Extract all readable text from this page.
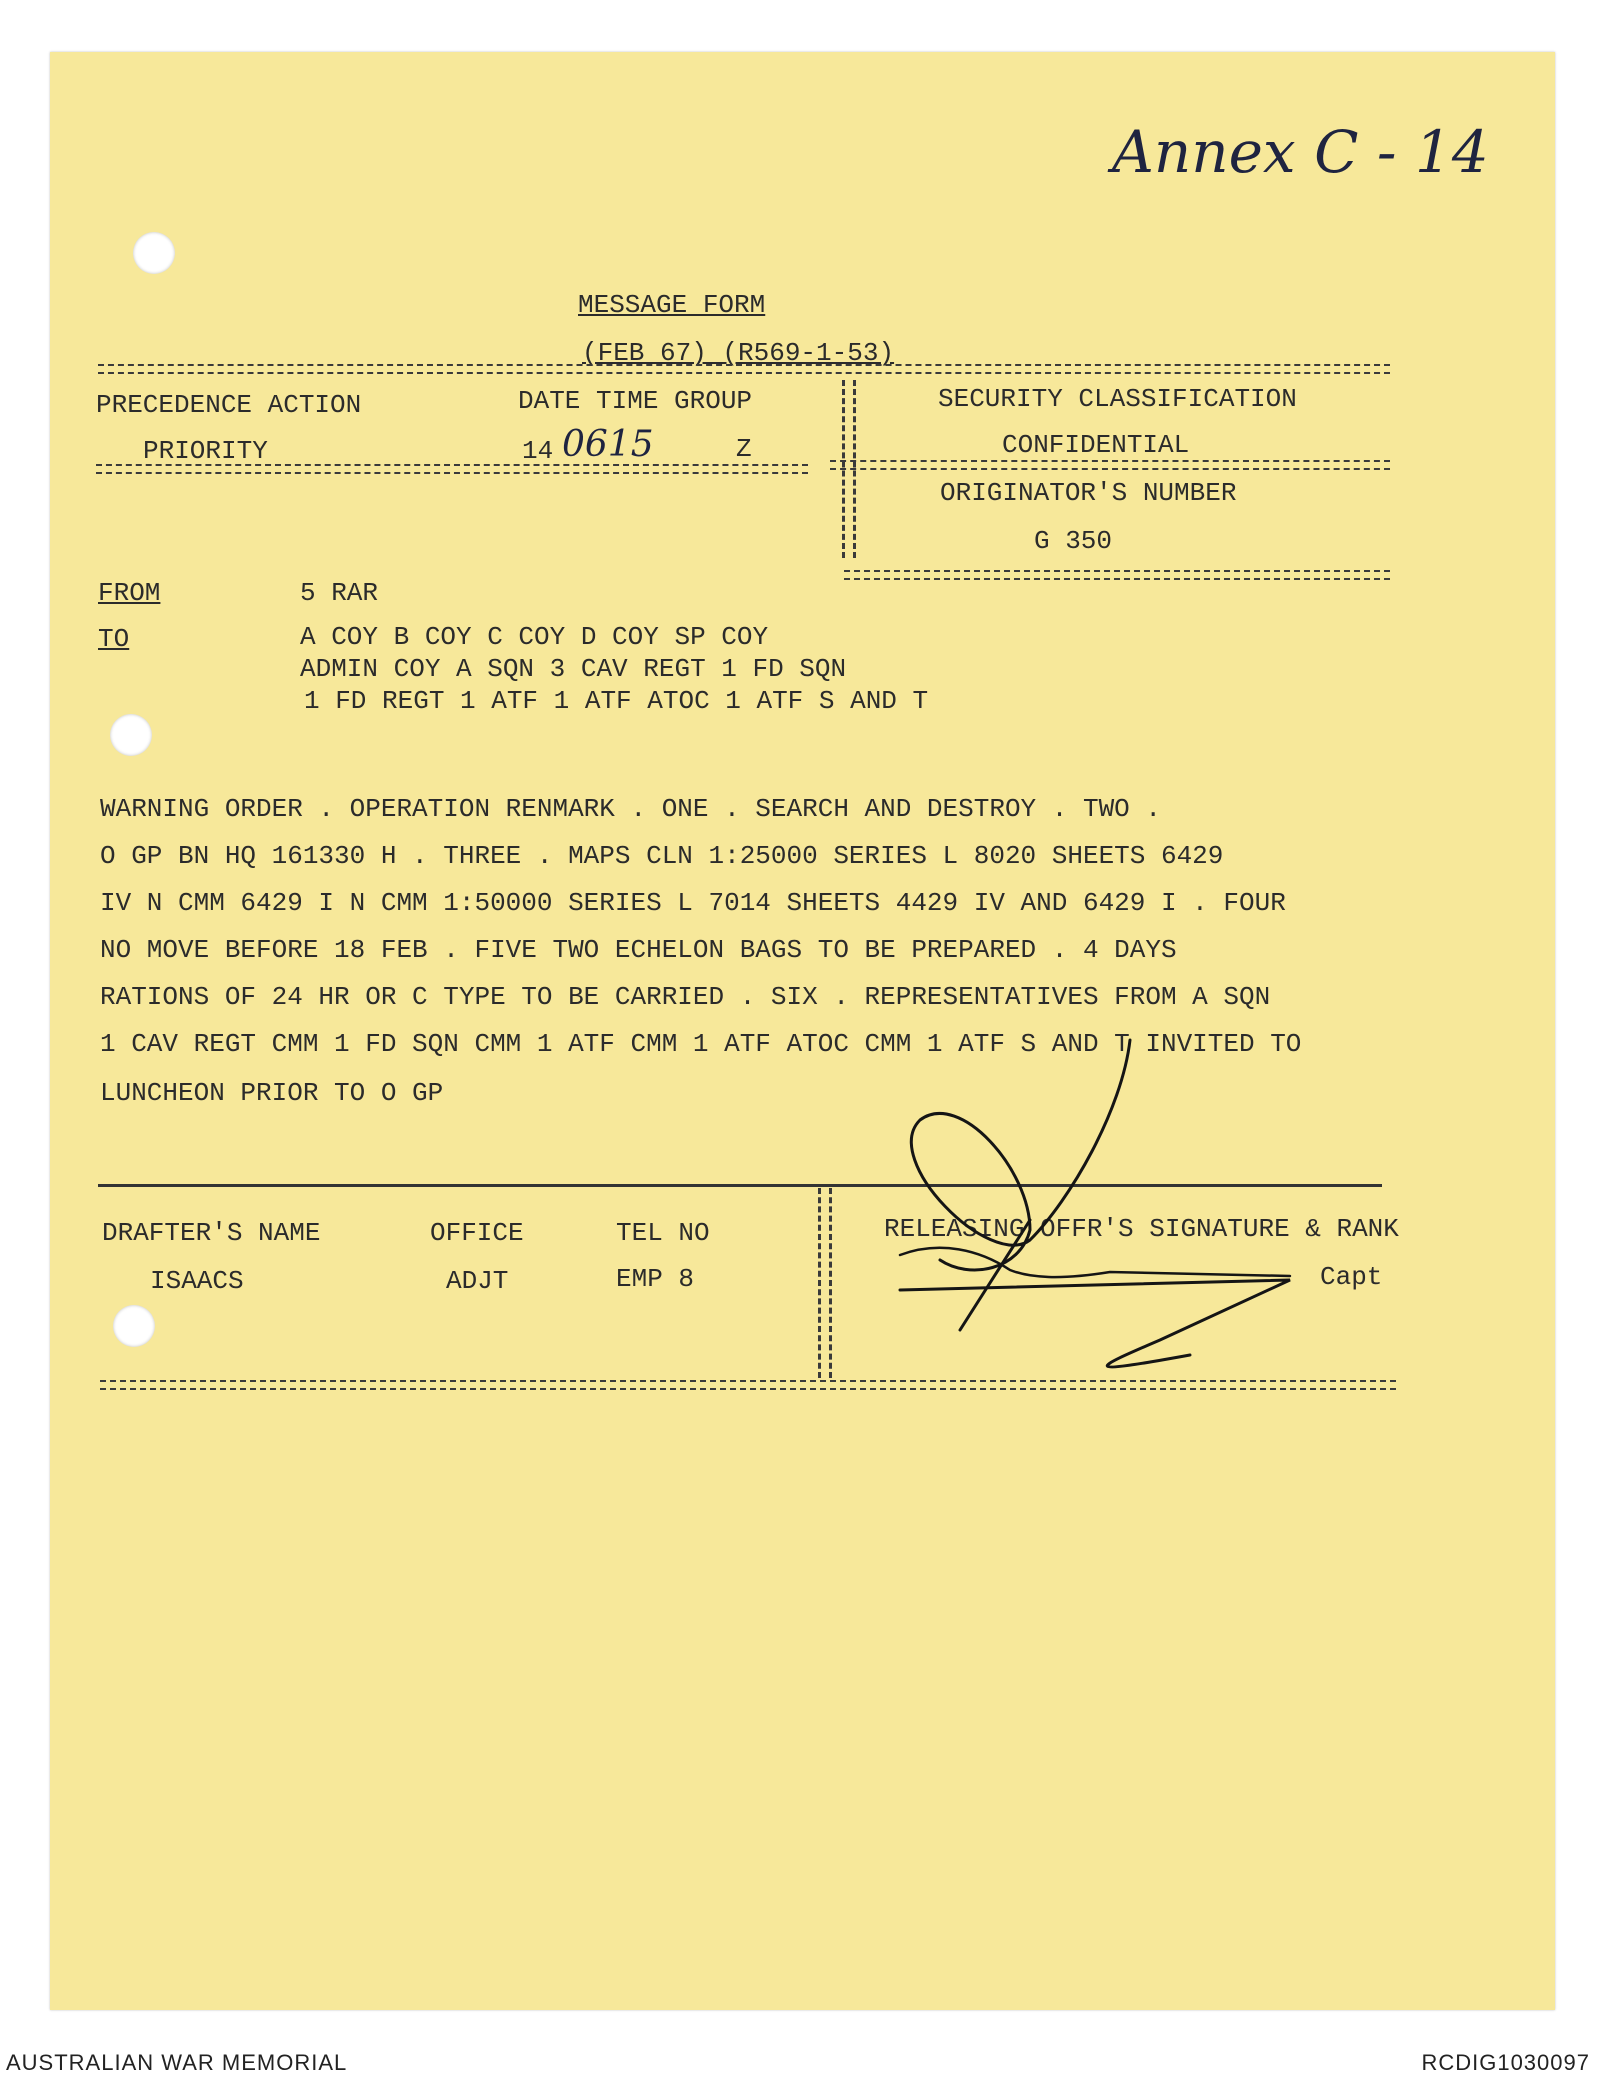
Annex C - 14
MESSAGE FORM
(FEB 67) (R569-1-53)
PRECEDENCE ACTION
PRIORITY
DATE TIME GROUP
14 0615	Z
SECURITY CLASSIFICATION
CONFIDENTIAL
ORIGINATOR'S NUMBER
G 350
FROM	5 RAR
TO	A COY B COY C COY D COY SP COY
ADMIN COY A SQN 3 CAV REGT 1 FD SQN
1 FD REGT 1 ATF 1 ATF ATOC 1 ATF S AND T
WARNING ORDER . OPERATION RENMARK . ONE . SEARCH AND DESTROY . TWO .
O GP BN HQ 161330 H . THREE . MAPS CLN 1:25000 SERIES L 8020 SHEETS 6429
IV N CMM 6429 I N CMM 1:50000 SERIES L 7014 SHEETS 4429 IV AND 6429 I . FOUR
NO MOVE BEFORE 18 FEB . FIVE TWO ECHELON BAGS TO BE PREPARED . 4 DAYS
RATIONS OF 24 HR OR C TYPE TO BE CARRIED . SIX . REPRESENTATIVES FROM A SQN
1 CAV REGT CMM 1 FD SQN CMM 1 ATF CMM 1 ATF ATOC CMM 1 ATF S AND T INVITED TO
LUNCHEON PRIOR TO O GP
DRAFTER'S NAME
ISAACS
OFFICE
ADJT
TEL NO
EMP 8
RELEASING OFFR'S SIGNATURE & RANK
Capt
AUSTRALIAN WAR MEMORIAL	RCDIG1030097
